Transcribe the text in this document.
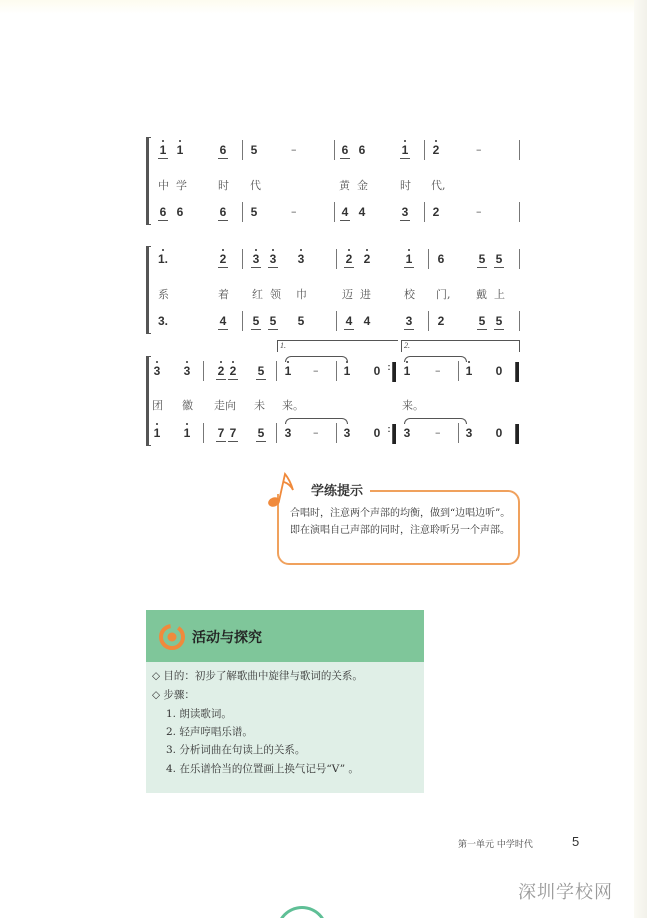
1 1	6 5	6 6	1 2
–	–
中 学	时 代	黄 金	时 代,
6 6	6 5	4 4	3 2
–	–
1.	2 3 3 3	2 2	1 6	5 5
系	着 红 领 巾	迈 进	校 门, 戴 上
3.	4 5 5 5	4 4	3 2	5 5
1.	2.
3 3 2 2 5 1	1 0 1	1 0
–	–
团 徽 走向 未 来。	来。
1 1 7 7 5 3	3 0 3	3 0
–	–
:
:
学练提示
合唱时，注意两个声部的均衡，做到“边唱边听”。即在演唱自己声部的同时，注意聆听另一个声部。
活动与探究
◇ 目的：初步了解歌曲中旋律与歌词的关系。
◇ 步骤：
1. 朗读歌词。
2. 轻声哼唱乐谱。
3. 分析词曲在句读上的关系。
4. 在乐谱恰当的位置画上换气记号“V” 。
第一单元 中学时代	5
深圳学校网
